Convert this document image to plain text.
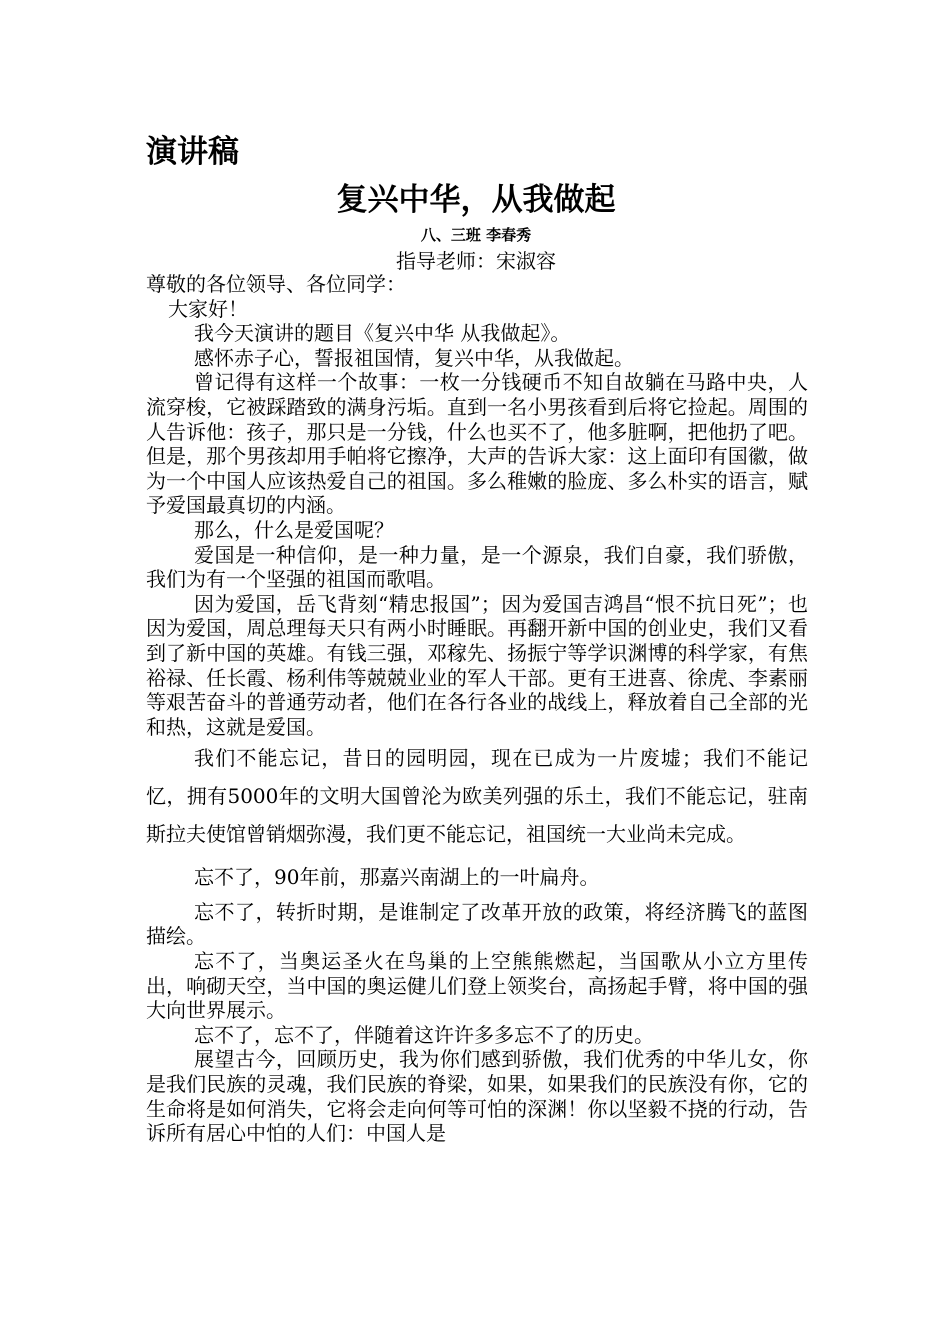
演讲稿
复兴中华，从我做起
八、三班 李春秀
指导老师：宋淑容

尊敬的各位领导、各位同学：

大家好！

我今天演讲的题目《复兴中华 从我做起》。

感怀赤子心，誓报祖国情，复兴中华，从我做起。

曾记得有这样一个故事：一枚一分钱硬币不知自故躺在马路中央，人流穿梭，它被踩踏致的满身污垢。直到一名小男孩看到后将它捡起。周围的人告诉他：孩子，那只是一分钱，什么也买不了，他多脏啊，把他扔了吧。但是，那个男孩却用手帕将它擦净，大声的告诉大家：这上面印有国徽，做为一个中国人应该热爱自己的祖国。多么稚嫩的脸庞、多么朴实的语言，赋予爱国最真切的内涵。

那么，什么是爱国呢？

爱国是一种信仰，是一种力量，是一个源泉，我们自豪，我们骄傲，我们为有一个坚强的祖国而歌唱。

因为爱国，岳飞背刻“精忠报国”；因为爱国吉鸿昌“恨不抗日死”；也因为爱国，周总理每天只有两小时睡眠。再翻开新中国的创业史，我们又看到了新中国的英雄。有钱三强，邓稼先、扬振宁等学识渊博的科学家，有焦裕禄、任长霞、杨利伟等兢兢业业的军人干部。更有王进喜、徐虎、李素丽等艰苦奋斗的普通劳动者，他们在各行各业的战线上，释放着自己全部的光和热，这就是爱国。

我们不能忘记，昔日的园明园，现在已成为一片废墟；我们不能记忆，拥有5000年的文明大国曾沦为欧美列强的乐土，我们不能忘记，驻南斯拉夫使馆曾销烟弥漫，我们更不能忘记，祖国统一大业尚未完成。

忘不了，90年前，那嘉兴南湖上的一叶扁舟。

忘不了，转折时期，是谁制定了改革开放的政策，将经济腾飞的蓝图描绘。

忘不了，当奥运圣火在鸟巢的上空熊熊燃起，当国歌从小立方里传出，响砌天空，当中国的奥运健儿们登上领奖台，高扬起手臂，将中国的强大向世界展示。

忘不了，忘不了，伴随着这许许多多忘不了的历史。

展望古今，回顾历史，我为你们感到骄傲，我们优秀的中华儿女，你是我们民族的灵魂，我们民族的脊梁，如果，如果我们的民族没有你，它的生命将是如何消失，它将会走向何等可怕的深渊！你以坚毅不挠的行动，告诉所有居心中怕的人们：中国人是
